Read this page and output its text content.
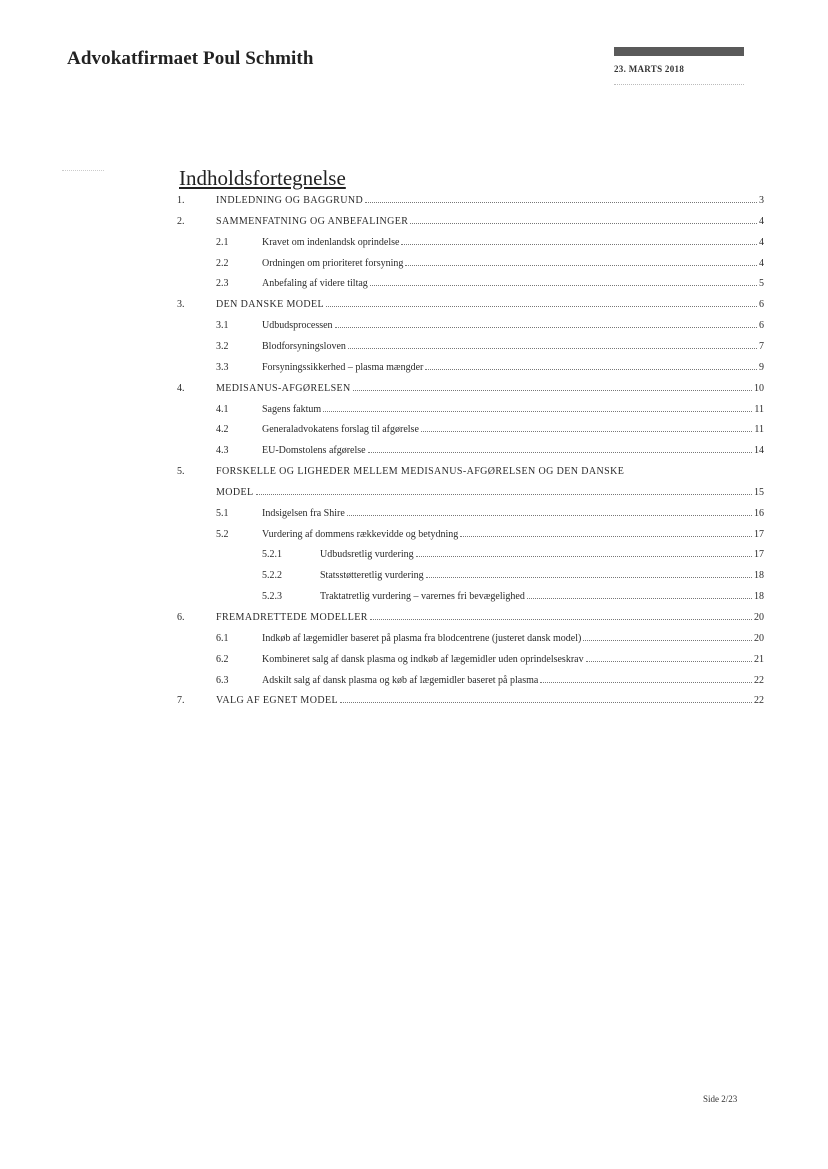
Advokatfirmaet Poul Schmith	23. MARTS 2018
Indholdsfortegnelse
1.	INDLEDNING OG BAGGRUND	3
2.	SAMMENFATNING OG ANBEFALINGER	4
2.1	Kravet om indenlandsk oprindelse	4
2.2	Ordningen om prioriteret forsyning	4
2.3	Anbefaling af videre tiltag	5
3.	DEN DANSKE MODEL	6
3.1	Udbudsprocessen	6
3.2	Blodforsyningsloven	7
3.3	Forsyningssikkerhed – plasma mængder	9
4.	MEDISANUS-AFGØRELSEN	10
4.1	Sagens faktum	11
4.2	Generaladvokatens forslag til afgørelse	11
4.3	EU-Domstolens afgørelse	14
5.	FORSKELLE OG LIGHEDER MELLEM MEDISANUS-AFGØRELSEN OG DEN DANSKE
MODEL	15
5.1	Indsigelsen fra Shire	16
5.2	Vurdering af dommens rækkevidde og betydning	17
5.2.1	Udbudsretlig vurdering	17
5.2.2	Statsstøtteretlig vurdering	18
5.2.3	Traktatretlig vurdering – varernes fri bevægelighed	18
6.	FREMADRETTEDE MODELLER	20
6.1	Indkøb af lægemidler baseret på plasma fra blodcentrene (justeret dansk model)	20
6.2	Kombineret salg af dansk plasma og indkøb af lægemidler uden oprindelseskrav	21
6.3	Adskilt salg af dansk plasma og køb af lægemidler baseret på plasma	22
7.	VALG AF EGNET MODEL	22
Side 2/23
